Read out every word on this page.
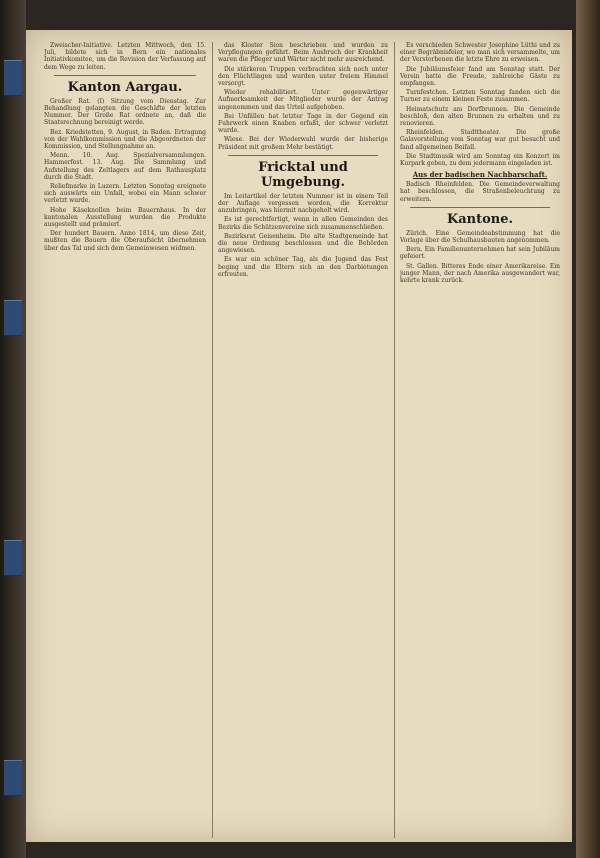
Zweischer-Initiative. Letzten Mittwoch, den 15. Juli, bildete sich in Bern ein nationales Initiativkomitee, um die Revision der Verfassung auf dem Wege zu leiten.

Kanton Aargau.

Großer Rat. (I) Sitzung vom Dienstag. Zur Behandlung gelangten die Geschäfte der letzten Nummer. Der Große Rat ordnete an, daß die Staatsrechnung bereinigt werde.

Bez. Kriedstetten, 9. August, in Baden. Ertragung von der Wahlkommission und die Abgeordneten der Kommission, und Stellungnahme an.

Menn. 10. Aug. Spezialversammlungen. Hammerfest. 13. Aug. Die Sammlung und Aufstellung des Zeltlagers auf dem Rathausplatz durch die Stadt.

Reliefmarke in Luzern. Letzten Sonntag ereignete sich auswärts ein Unfall, wobei ein Mann schwer verletzt wurde.

Hohe Käseknollen beim Bauernhaus. In der kantonalen Ausstellung wurden die Produkte ausgestellt und prämiert.

Der hundert Bauern. Anno 1814, um diese Zeit, mußten die Bauern die Oberaufsicht übernehmen über das Tal und sich dem Gemeinwesen widmen.

das Kloster Sion beschrieben und wurden zu Verpflegungen geführt. Beim Ausbruch der Krankheit waren die Pfleger und Wärter nicht mehr ausreichend.

Die stärkeren Truppen verbrachten sich noch unter den Flüchtlingen und wurden unter freiem Himmel versorgt.

Wieder rehabilitiert. Unter gegenwärtiger Aufmerksamkeit der Mitglieder wurde der Antrag angenommen und das Urteil aufgehoben.

Bei Unfällen hat letzter Tage in der Gegend ein Fuhrwerk einen Knaben erfaßt, der schwer verletzt wurde.

Wiese. Bei der Wiederwahl wurde der bisherige Präsident mit großem Mehr bestätigt.

Fricktal und Umgebung.

Im Leitartikel der letzten Nummer ist in einem Teil der Auflage vergessen worden, die Korrektur anzubringen, was hiermit nachgeholt wird.

Es ist gerechtfertigt, wenn in allen Gemeinden des Bezirks die Schützenvereine sich zusammenschließen.

Bezirksrat Geisenheim. Die alte Stadtgemeinde hat die neue Ordnung beschlossen und die Behörden angewiesen.

Es war ein schöner Tag, als die Jugend das Fest beging und die Eltern sich an den Darbietungen erfreuten.

Es verschieden Schwester Josephine Lüthi und zu einer Begräbnisfeier, wo man sich versammelte, um der Verstorbenen die letzte Ehre zu erweisen.

Die Jubiläumsfeier fand am Sonntag statt. Der Verein hatte die Freude, zahlreiche Gäste zu empfangen.

Turnfestchen. Letzten Sonntag fanden sich die Turner zu einem kleinen Feste zusammen.

Heimatschutz am Dorfbrunnen. Die Gemeinde beschloß, den alten Brunnen zu erhalten und zu renovieren.

Rheinfelden. Stadttheater. Die große Galavorstellung vom Sonntag war gut besucht und fand allgemeinen Beifall.

Die Stadtmusik wird am Sonntag ein Konzert im Kurpark geben, zu dem jedermann eingeladen ist.

Aus der badischen Nachbarschaft.

Badisch Rheinfelden. Die Gemeindeverwaltung hat beschlossen, die Straßenbeleuchtung zu erweitern.

Kantone.

Zürich. Eine Gemeindeabstimmung hat die Vorlage über die Schulhausbauten angenommen.

Bern. Ein Familienunternehmen hat sein Jubiläum gefeiert.

St. Gallen. Bitteres Ende einer Amerikareise. Ein junger Mann, der nach Amerika ausgewandert war, kehrte krank zurück.
